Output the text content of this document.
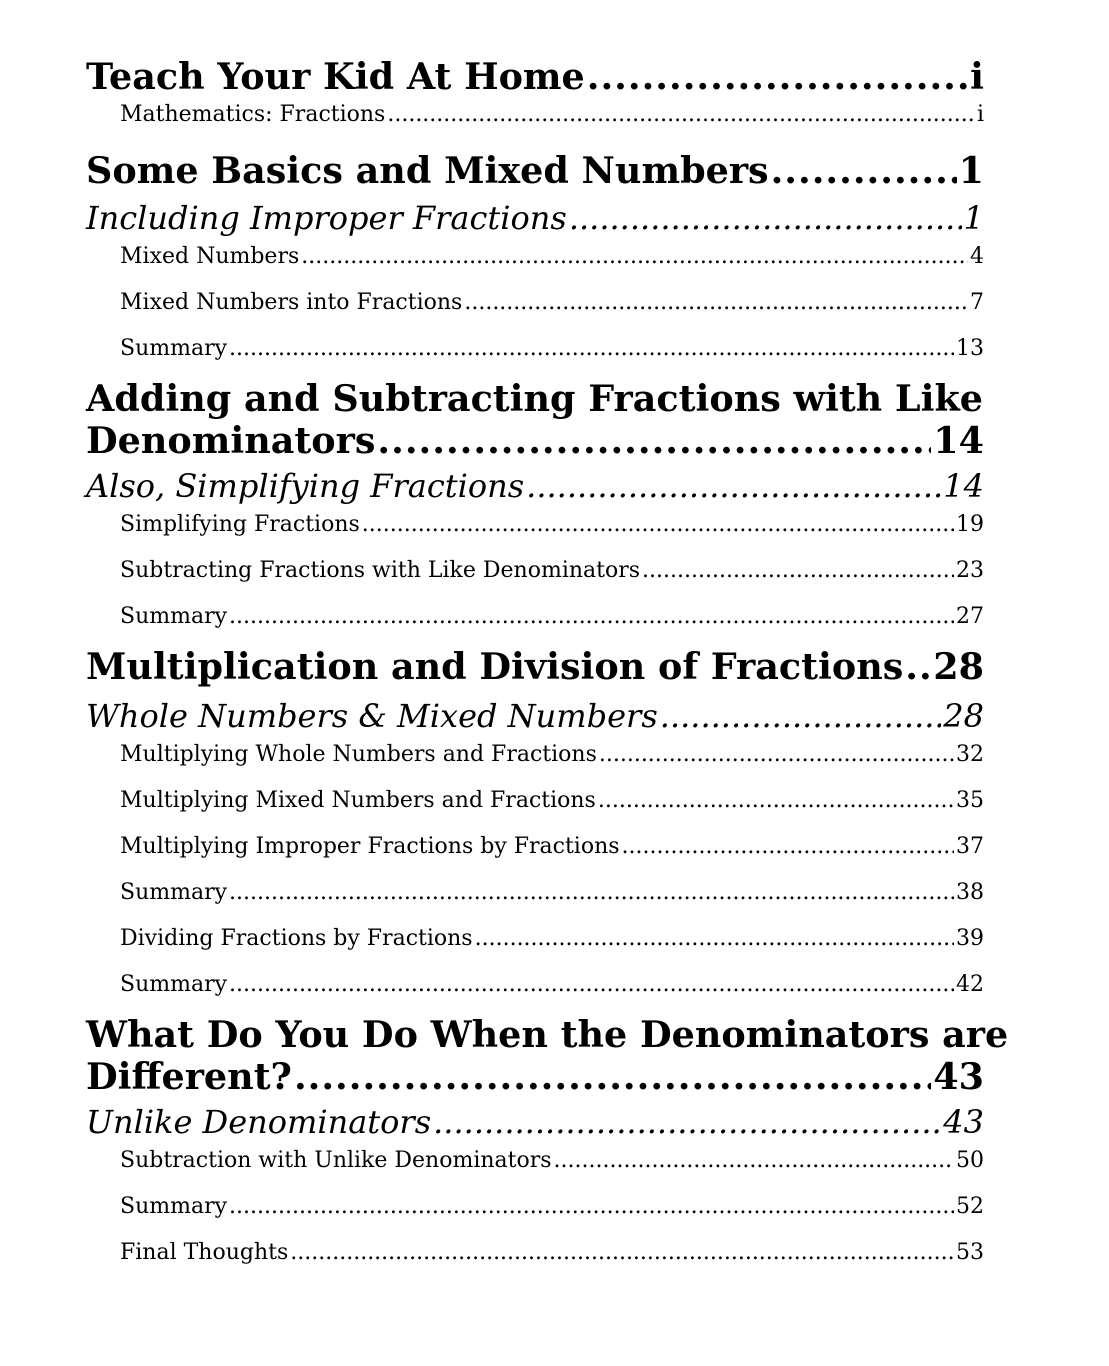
Teach Your Kid At Home .....	i
Mathematics: Fractions .....	i
Some Basics and Mixed Numbers .....	1
Including Improper Fractions .....	1
Mixed Numbers .....	4
Mixed Numbers into Fractions .....	7
Summary .....	13
Adding and Subtracting Fractions with Like
Denominators .....	14
Also, Simplifying Fractions .....	14
Simplifying Fractions .....	19
Subtracting Fractions with Like Denominators .....	23
Summary .....	27
Multiplication and Division of Fractions ..... 28
Whole Numbers & Mixed Numbers .....	28
Multiplying Whole Numbers and Fractions .....	32
Multiplying Mixed Numbers and Fractions .....	35
Multiplying Improper Fractions by Fractions .....	37
Summary .....	38
Dividing Fractions by Fractions .....	39
Summary .....	42
What Do You Do When the Denominators are
Different? .....	43
Unlike Denominators .....	43
Subtraction with Unlike Denominators .....	50
Summary .....	52
Final Thoughts .....	53
